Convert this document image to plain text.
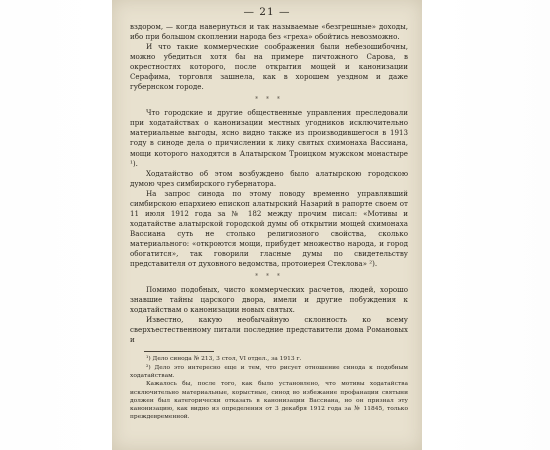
— 21 —

вздором, — когда навернуться и так называемые «безгрешные» доходы, ибо при большом скоплении народа без «греха» обойтись невозможно.

И что такие коммерческие соображения были небезошибочны, можно убедиться хотя бы на примере пичтожного Сарова, в окрестностях которого, после открытия мощей и канонизации Серафима, торговля зашнела, как в хорошем уездном и даже губернском городе.

* * *

Что городские и другие общественные управления преследовали при ходатайствах о канонизации местных угодников исключительно материальные выгоды, ясно видно также из производившегося в 1913 году в синоде дела о причислении к лику святых схимонаха Вассиана, мощи которого находятся в Алатырском Троицком мужском монастыре ¹).

Ходатайство об этом возбуждено было алатырскою городскою думою чрез симбирского губернатора.

На запрос синода по этому поводу временно управлявший симбирскою епархиею епископ алатырский Назарий в рапорте своем от 11 июля 1912 года за № 182 между прочим писал: «Мотивы и ходатайстве алатырской городской думы об открытии мощей схимонаха Вассиана суть не столько религиозного свойства, сколько материального: «откроются мощи, прибудет множество народа, и город обогатится», так говорили гласные думы по свидетельству представителя от духовного ведомства, протоиерея Стеклова» ²).

* * *

Помимо подобных, чисто коммерческих расчетов, людей, хорошо знавшие тайны царского двора, имели и другие побуждения к ходатайствам о канонизации новых святых.

Известно, какую необычайную склонность ко всему сверхъестественному питали последние представители дома Романовых и

¹) Дело синода № 213, 3 стол, VI отдел., за 1913 г.

²) Дело это интересно еще и тем, что рисует отношение синода к подобным ходатайствам.

Кажалось бы, после того, как было установлено, что мотивы ходатайства исключительно материальные, корыстные, синод во избежание профанации святыни должен был категорически отказать в канонизации Вассиана, но он признал эту канонизацию, как видно из определения от 3 декабря 1912 года за № 11845, только преждевременной.
